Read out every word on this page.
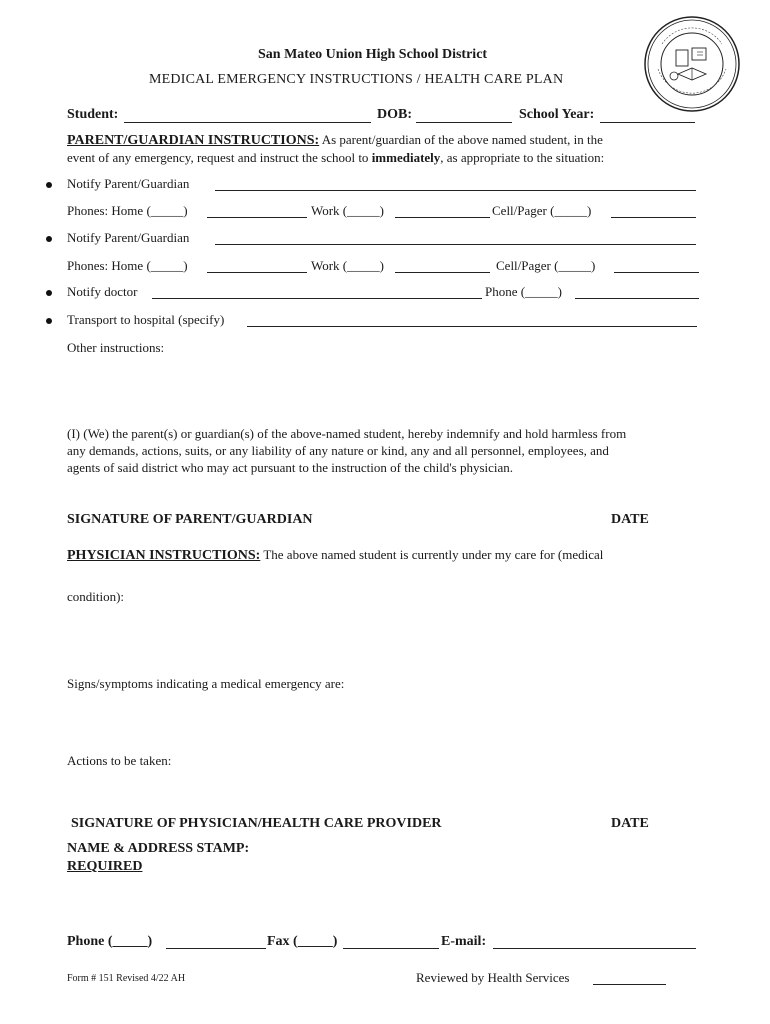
San Mateo Union High School District
MEDICAL EMERGENCY INSTRUCTIONS / HEALTH CARE PLAN
Student:	DOB:	School Year:
PARENT/GUARDIAN INSTRUCTIONS: As parent/guardian of the above named student, in the
event of any emergency, request and instruct the school to immediately, as appropriate to the situation:
Notify Parent/Guardian
Phones: Home (_____)	Work (_____)	Cell/Pager (_____)
Notify Parent/Guardian
Phones: Home (_____)	Work (_____)	Cell/Pager (_____)
Notify doctor	Phone (_____)
Transport to hospital (specify)
Other instructions:
(I) (We) the parent(s) or guardian(s) of the above-named student, hereby indemnify and hold harmless from
any demands, actions, suits, or any liability of any nature or kind, any and all personnel, employees, and
agents of said district who may act pursuant to the instruction of the child's physician.
SIGNATURE OF PARENT/GUARDIAN	DATE
PHYSICIAN INSTRUCTIONS: The above named student is currently under my care for (medical
condition):
Signs/symptoms indicating a medical emergency are:
Actions to be taken:
SIGNATURE OF PHYSICIAN/HEALTH CARE PROVIDER	DATE
NAME & ADDRESS STAMP:
REQUIRED
Phone (_____)	Fax (_____)	E-mail:
Form # 151 Revised 4/22 AH	Reviewed by Health Services
